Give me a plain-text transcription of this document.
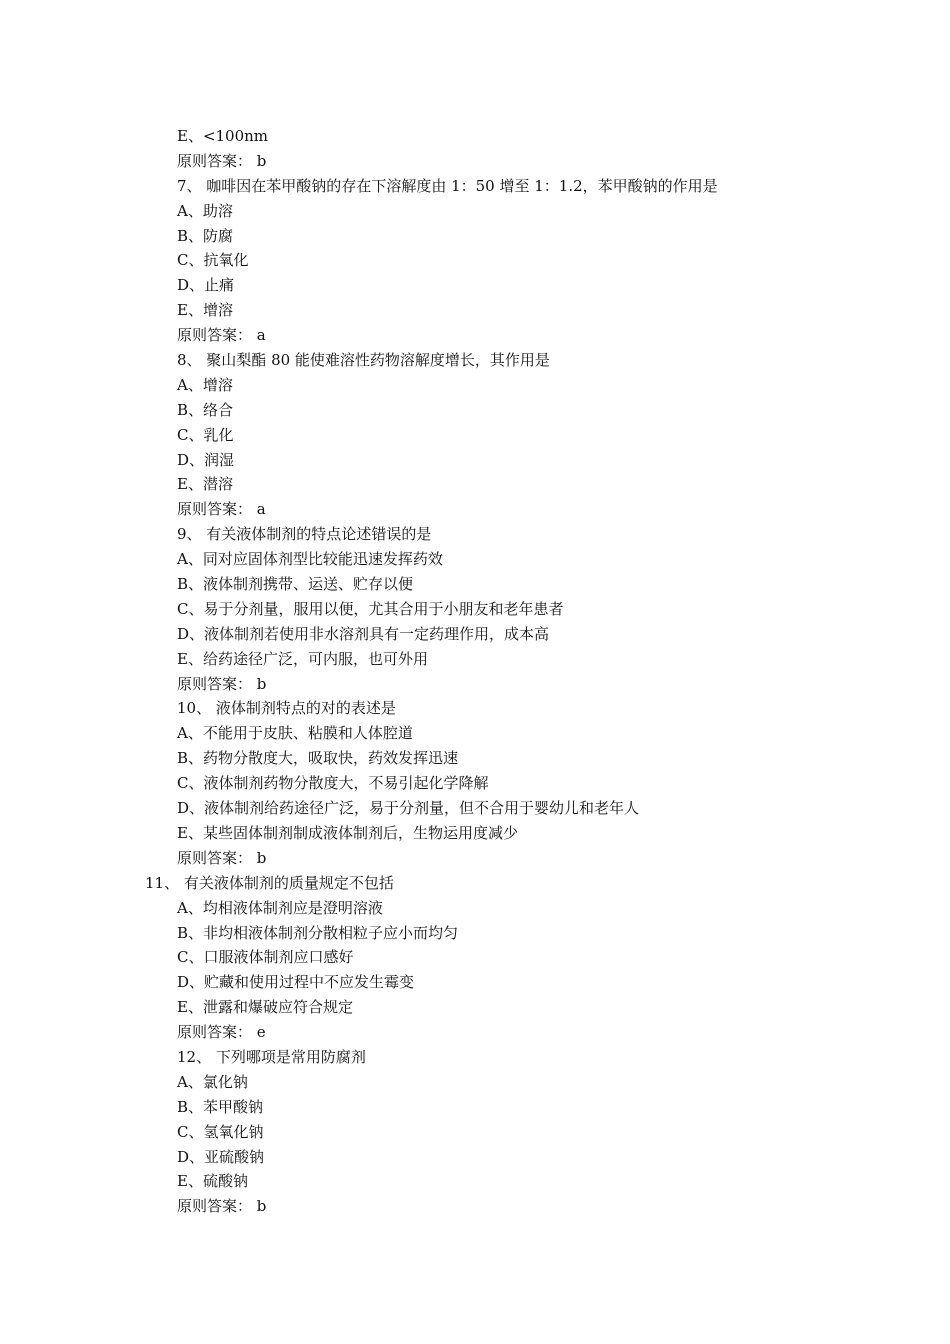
E、<100nm
原则答案： b
7、 咖啡因在苯甲酸钠的存在下溶解度由 1：50 增至 1：1.2，苯甲酸钠的作用是
A、助溶
B、防腐
C、抗氧化
D、止痛
E、增溶
原则答案： a
8、 聚山梨酯 80 能使难溶性药物溶解度增长，其作用是
A、增溶
B、络合
C、乳化
D、润湿
E、潜溶
原则答案： a
9、 有关液体制剂的特点论述错误的是
A、同对应固体剂型比较能迅速发挥药效
B、液体制剂携带、运送、贮存以便
C、易于分剂量，服用以便，尤其合用于小朋友和老年患者
D、液体制剂若使用非水溶剂具有一定药理作用，成本高
E、给药途径广泛，可内服，也可外用
原则答案： b
10、 液体制剂特点的对的表述是
A、不能用于皮肤、粘膜和人体腔道
B、药物分散度大，吸取快，药效发挥迅速
C、液体制剂药物分散度大，不易引起化学降解
D、液体制剂给药途径广泛，易于分剂量，但不合用于婴幼儿和老年人
E、某些固体制剂制成液体制剂后，生物运用度减少
原则答案： b
11、 有关液体制剂的质量规定不包括
A、均相液体制剂应是澄明溶液
B、非均相液体制剂分散相粒子应小而均匀
C、口服液体制剂应口感好
D、贮藏和使用过程中不应发生霉变
E、泄露和爆破应符合规定
原则答案： e
12、 下列哪项是常用防腐剂
A、氯化钠
B、苯甲酸钠
C、氢氧化钠
D、亚硫酸钠
E、硫酸钠
原则答案： b
